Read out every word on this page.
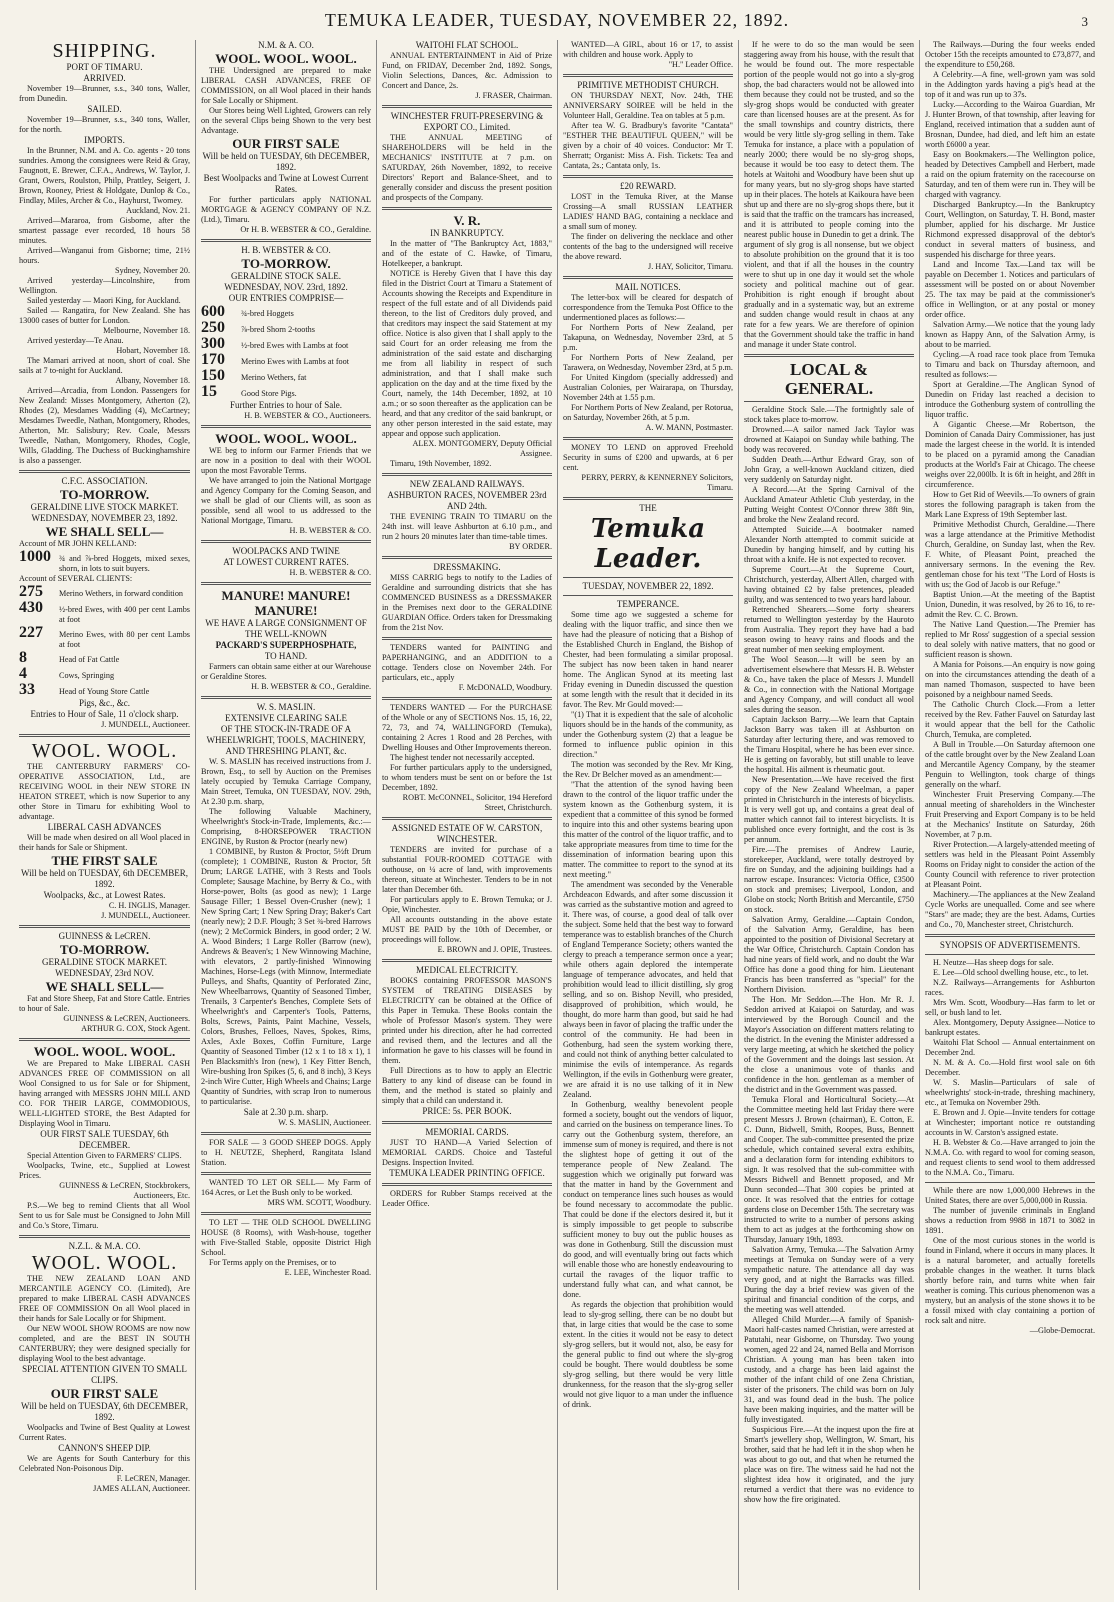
TEMUKA LEADER, TUESDAY, NOVEMBER 22, 1892.	3
SHIPPING.
PORT OF TIMARU.
ARRIVED.
November 19—Brunner, s.s., 340 tons, Waller, from Dunedin.
SAILED.
November 19—Brunner, s.s., 340 tons, Waller, for the north.
IMPORTS.
In the Brunner, N.M. and A. Co. agents - 20 tons sundries. Among the consignees were Reid & Gray, Faugnott, E. Brewer, C.F.A., Andrews, W. Taylor, J. Grant, Owers, Roulston, Philp, Prattley, Seigert, J. Brown, Rooney, Priest & Holdgate, Dunlop & Co., Findlay, Miles, Archer & Co., Hayhurst, Twomey.
Auckland, Nov. 21.
Arrived—Mararoa, from Gisborne, after the smartest passage ever recorded, 18 hours 58 minutes.
Arrived—Wanganui from Gisborne; time, 21½ hours.
Sydney, November 20.
Arrived yesterday—Lincolnshire, from Wellington.
Sailed yesterday — Maori King, for Auckland.
Sailed — Rangatira, for New Zealand. She has 13000 cases of butter for London.
Melbourne, November 18.
Arrived yesterday—Te Anau.
Hobart, November 18.
The Mamari arrived at noon, short of coal. She sails at 7 to-night for Auckland.
Albany, November 18.
Arrived—Arcadia, from London. Passengers for New Zealand: Misses Montgomery, Atherton (2), Rhodes (2), Mesdames Wadding (4), McCartney; Mesdames Tweedle, Nathan, Montgomery, Rhodes, Atherton, Mr. Salisbury; Rev. Coale, Messrs Tweedle, Nathan, Montgomery, Rhodes, Cogle, Wills, Gladding. The Duchess of Buckinghamshire is also a passenger.
C.F.C. ASSOCIATION.
TO-MORROW.
GERALDINE LIVE STOCK MARKET.
WEDNESDAY, NOVEMBER 23, 1892.
WE SHALL SELL—
Account of MR JOHN KELLAND:
1000 ¾ and ⅞-bred Hoggets, mixed sexes, shorn, in lots to suit buyers.
Account of SEVERAL CLIENTS:
275	Merino Wethers, in forward condition
430	½-bred Ewes, with 400 per cent Lambs at foot
227	Merino Ewes, with 80 per cent Lambs at foot
8	Head of Fat Cattle
4	Cows, Springing
33	Head of Young Store Cattle
Pigs, &c., &c.
Entries to Hour of Sale, 11 o'clock sharp.
J. MUNDELL, Auctioneer.
WOOL. WOOL.
THE CANTERBURY FARMERS' CO-OPERATIVE ASSOCIATION, Ltd., are RECEIVING WOOL in their NEW STORE IN HEATON STREET, which is now Superior to any other Store in Timaru for exhibiting Wool to advantage.
LIBERAL CASH ADVANCES
Will be made when desired on all Wool placed in their hands for Sale or Shipment.
THE FIRST SALE
Will be held on TUESDAY, 6th DECEMBER, 1892.
Woolpacks, &c., at Lowest Rates.
C. H. INGLIS, Manager.
J. MUNDELL, Auctioneer.
GUINNESS & LeCREN.
TO-MORROW.
GERALDINE STOCK MARKET.
WEDNESDAY, 23rd NOV.
WE SHALL SELL—
Fat and Store Sheep, Fat and Store Cattle. Entries to hour of Sale.
GUINNESS & LeCREN, Auctioneers.
ARTHUR G. COX, Stock Agent.
WOOL. WOOL. WOOL.
We are Prepared to Make LIBERAL CASH ADVANCES FREE OF COMMISSION on all Wool Consigned to us for Sale or for Shipment, having arranged with MESSRS JOHN MILL AND CO. FOR THEIR LARGE, COMMODIOUS, WELL-LIGHTED STORE, the Best Adapted for Displaying Wool in Timaru.
OUR FIRST SALE TUESDAY, 6th DECEMBER.
Special Attention Given to FARMERS' CLIPS.
Woolpacks, Twine, etc., Supplied at Lowest Prices.
GUINNESS & LeCREN, Stockbrokers, Auctioneers, Etc.
P.S.—We beg to remind Clients that all Wool Sent to us for Sale must be Consigned to John Mill and Co.'s Store, Timaru.
N.Z.L. & M.A. CO.
WOOL. WOOL.
THE NEW ZEALAND LOAN AND MERCANTILE AGENCY CO. (Limited), Are prepared to make LIBERAL CASH ADVANCES FREE OF COMMISSION On all Wool placed in their hands for Sale Locally or for Shipment.
Our NEW WOOL SHOW ROOMS are now now completed, and are the BEST IN SOUTH CANTERBURY; they were designed specially for displaying Wool to the best advantage.
SPECIAL ATTENTION GIVEN TO SMALL CLIPS.
OUR FIRST SALE
Will be held on TUESDAY, 6th DECEMBER, 1892.
Woolpacks and Twine of Best Quality at Lowest Current Rates.
CANNON'S SHEEP DIP.
We are Agents for South Canterbury for this Celebrated Non-Poisonous Dip.
F. LeCREN, Manager.
JAMES ALLAN, Auctioneer.
N.M. & A. CO.
WOOL. WOOL. WOOL.
THE Undersigned are prepared to make LIBERAL CASH ADVANCES, FREE OF COMMISSION, on all Wool placed in their hands for Sale Locally or Shipment.
Our Stores being Well Lighted, Growers can rely on the several Clips being Shown to the very best Advantage.
OUR FIRST SALE
Will be held on TUESDAY, 6th DECEMBER, 1892.
Best Woolpacks and Twine at Lowest Current Rates.
For further particulars apply NATIONAL MORTGAGE & AGENCY COMPANY OF N.Z. (Ltd.), Timaru.
Or H. B. WEBSTER & CO., Geraldine.
H. B. WEBSTER & CO.
TO-MORROW.
GERALDINE STOCK SALE.
WEDNESDAY, NOV. 23rd, 1892.
OUR ENTRIES COMPRISE—
600	¾-bred Hoggets
250	⅞-bred Shorn 2-tooths
300	½-bred Ewes with Lambs at foot
170	Merino Ewes with Lambs at foot
150	Merino Wethers, fat
15	Good Store Pigs.
Further Entries to hour of Sale.
H. B. WEBSTER & CO., Auctioneers.
WOOL. WOOL. WOOL.
WE beg to inform our Farmer Friends that we are now in a position to deal with their WOOL upon the most Favorable Terms.
We have arranged to join the National Mortgage and Agency Company for the Coming Season, and we shall be glad of our Clients will, as soon as possible, send all wool to us addressed to the National Mortgage, Timaru.
H. B. WEBSTER & CO.
WOOLPACKS AND TWINE
AT LOWEST CURRENT RATES.
H. B. WEBSTER & CO.
MANURE! MANURE! MANURE!
WE HAVE A LARGE CONSIGNMENT OF THE WELL-KNOWN
PACKARD'S SUPERPHOSPHATE,
TO HAND.
Farmers can obtain same either at our Warehouse or Geraldine Stores.
H. B. WEBSTER & CO., Geraldine.
W. S. MASLIN.
EXTENSIVE CLEARING SALE
OF THE STOCK-IN-TRADE OF A WHEELWRIGHT, TOOLS, MACHINERY, AND THRESHING PLANT, &c.
W. S. MASLIN has received instructions from J. Brown, Esq., to sell by Auction on the Premises lately occupied by Temuka Carriage Company, Main Street, Temuka, ON TUESDAY, NOV. 29th, At 2.30 p.m. sharp,
The following Valuable Machinery, Wheelwright's Stock-in-Trade, Implements, &c.:—Comprising, 8-HORSEPOWER TRACTION ENGINE, by Ruston & Proctor (nearly new)
1 COMBINE, by Ruston & Proctor, 5½ft Drum (complete); 1 COMBINE, Ruston & Proctor, 5ft Drum; LARGE LATHE, with 3 Rests and Tools Complete; Sausage Machine, by Berry & Co., with Horse-power, Bolts (as good as new); 1 Large Sausage Filler; 1 Bessel Oven-Crusher (new); 1 New Spring Cart; 1 New Spring Dray; Baker's Cart (nearly new); 2 D.F. Plough; 3 Set ¾-bred Harrows (new); 2 McCormick Binders, in good order; 2 W. A. Wood Binders; 1 Large Roller (Barrow (new), Andrews & Beaven's; 1 New Winnowing Machine, with elevators, 2 partly-finished Winnowing Machines, Horse-Legs (with Minnow, Intermediate Pulleys, and Shafts, Quantity of Perforated Zinc, New Wheelbarrows, Quantity of Seasoned Timber, Trenails, 3 Carpenter's Benches, Complete Sets of Wheelwright's and Carpenter's Tools, Patterns, Bolts, Screws, Paints, Paint Machine, Vessels, Colors, Brushes, Felloes, Naves, Spokes, Rims, Axles, Axle Boxes, Coffin Furniture, Large Quantity of Seasoned Timber (12 x 1 to 18 x 1), 1 Pen Blacksmith's Iron (new), 1 Key Fitter Bench, Wire-bushing Iron Spikes (5, 6, and 8 inch), 3 Keys 2-inch Wire Cutter, High Wheels and Chains; Large Quantity of Sundries, with scrap Iron to numerous to particularise.
Sale at 2.30 p.m. sharp.
W. S. MASLIN, Auctioneer.
FOR SALE — 3 GOOD SHEEP DOGS. Apply to H. NEUTZE, Shepherd, Rangitata Island Station.
WANTED TO LET OR SELL— My Farm of 164 Acres, or Let the Bush only to be worked.
MRS WM. SCOTT, Woodbury.
TO LET — THE OLD SCHOOL DWELLING HOUSE (8 Rooms), with Wash-house, together with Five-Stalled Stable, opposite District High School.
For Terms apply on the Premises, or to
E. LEE, Winchester Road.
WAITOHI FLAT SCHOOL.
ANNUAL ENTERTAINMENT in Aid of Prize Fund, on FRIDAY, December 2nd, 1892. Songs, Violin Selections, Dances, &c. Admission to Concert and Dance, 2s.
J. FRASER, Chairman.
WINCHESTER FRUIT-PRESERVING & EXPORT CO., Limited.
THE ANNUAL MEETING of SHAREHOLDERS will be held in the MECHANICS' INSTITUTE at 7 p.m. on SATURDAY, 26th November, 1892, to receive Directors' Report and Balance-Sheet, and to generally consider and discuss the present position and prospects of the Company.
V. R.
IN BANKRUPTCY.
In the matter of "The Bankruptcy Act, 1883," and of the estate of C. Hawke, of Timaru, Hotelkeeper, a bankrupt.
NOTICE is Hereby Given that I have this day filed in the District Court at Timaru a Statement of Accounts showing the Receipts and Expenditure in respect of the full estate and of all Dividends paid thereon, to the list of Creditors duly proved, and that creditors may inspect the said Statement at my office. Notice is also given that I shall apply to the said Court for an order releasing me from the administration of the said estate and discharging me from all liability in respect of such administration, and that I shall make such application on the day and at the time fixed by the Court, namely, the 14th December, 1892, at 10 a.m.; or so soon thereafter as the application can be heard, and that any creditor of the said bankrupt, or any other person interested in the said estate, may appear and oppose such application.
ALEX. MONTGOMERY, Deputy Official Assignee.
Timaru, 19th November, 1892.
NEW ZEALAND RAILWAYS.
ASHBURTON RACES, NOVEMBER 23rd AND 24th.
THE EVENING TRAIN TO TIMARU on the 24th inst. will leave Ashburton at 6.10 p.m., and run 2 hours 20 minutes later than time-table times.
BY ORDER.
DRESSMAKING.
MISS CARRIG begs to notify to the Ladies of Geraldine and surrounding districts that she has COMMENCED BUSINESS as a DRESSMAKER in the Premises next door to the GERALDINE GUARDIAN Office. Orders taken for Dressmaking from the 21st Nov.
TENDERS wanted for PAINTING and PAPERHANGING, and an ADDITION to a cottage. Tenders close on November 24th. For particulars, etc., apply
F. McDONALD, Woodbury.
TENDERS WANTED — For the PURCHASE of the Whole or any of SECTIONS Nos. 15, 16, 22, 72, 73, and 74, WALLINGFORD (Temuka), containing 2 Acres 1 Rood and 28 Perches, with Dwelling Houses and Other Improvements thereon.
The highest tender not necessarily accepted.
For further particulars apply to the undersigned, to whom tenders must be sent on or before the 1st December, 1892.
ROBT. McCONNEL, Solicitor, 194 Hereford Street, Christchurch.
ASSIGNED ESTATE OF W. CARSTON, WINCHESTER.
TENDERS are invited for purchase of a substantial FOUR-ROOMED COTTAGE with outhouse, on ¼ acre of land, with improvements thereon, situate at Winchester. Tenders to be in not later than December 6th.
For particulars apply to E. Brown Temuka; or J. Opie, Winchester.
All accounts outstanding in the above estate MUST BE PAID by the 10th of December, or proceedings will follow.
E. BROWN and J. OPIE, Trustees.
MEDICAL ELECTRICITY.
BOOKS containing PROFESSOR MASON'S SYSTEM of TREATING DISEASES by ELECTRICITY can be obtained at the Office of this Paper in Temuka. These Books contain the whole of Professor Mason's system. They were printed under his direction, after he had corrected and revised them, and the lectures and all the information he gave to his classes will be found in them.
Full Directions as to how to apply an Electric Battery to any kind of disease can be found in them, and the method is stated so plainly and simply that a child can understand it.
PRICE: 5s. PER BOOK.
MEMORIAL CARDS.
JUST TO HAND—A Varied Selection of MEMORIAL CARDS. Choice and Tasteful Designs. Inspection Invited.
TEMUKA LEADER PRINTING OFFICE.
ORDERS for Rubber Stamps received at the Leader Office.
WANTED—A GIRL, about 16 or 17, to assist with children and house work. Apply to
"H." Leader Office.
PRIMITIVE METHODIST CHURCH.
ON THURSDAY NEXT, Nov. 24th, THE ANNIVERSARY SOIREE will be held in the Volunteer Hall, Geraldine. Tea on tables at 5 p.m.
After tea W. G. Bradbury's favorite "Cantata" "ESTHER THE BEAUTIFUL QUEEN," will be given by a choir of 40 voices. Conductor: Mr T. Sherratt; Organist: Miss A. Fish. Tickets: Tea and Cantata, 2s.; Cantata only, 1s.
£20 REWARD.
LOST in the Temuka River, at the Manse Crossing—A small RUSSIAN LEATHER LADIES' HAND BAG, containing a necklace and a small sum of money.
The finder on delivering the necklace and other contents of the bag to the undersigned will receive the above reward.
J. HAY, Solicitor, Timaru.
MAIL NOTICES.
The letter-box will be cleared for despatch of correspondence from the Temuka Post Office to the undermentioned places as follows:—
For Northern Ports of New Zealand, per Takapuna, on Wednesday, November 23rd, at 5 p.m.
For Northern Ports of New Zealand, per Tarawera, on Wednesday, November 23rd, at 5 p.m.
For United Kingdom (specially addressed) and Australian Colonies, per Wairarapa, on Thursday, November 24th at 1.55 p.m.
For Northern Ports of New Zealand, per Rotorua, on Saturday, November 26th, at 5 p.m.
A. W. MANN, Postmaster.
MONEY TO LEND on approved Freehold Security in sums of £200 and upwards, at 6 per cent.
PERRY, PERRY, & KENNERNEY Solicitors, Timaru.
THE
Temuka Leader.
TUESDAY, NOVEMBER 22, 1892.
TEMPERANCE.
Some time ago we suggested a scheme for dealing with the liquor traffic, and since then we have had the pleasure of noticing that a Bishop of the Established Church in England, the Bishop of Chester, had been formulating a similar proposal. The subject has now been taken in hand nearer home. The Anglican Synod at its meeting last Friday evening in Dunedin discussed the question at some length with the result that it decided in its favor. The Rev. Mr Gould moved:—
"(1) That it is expedient that the sale of alcoholic liquors should be in the hands of the community, as under the Gothenburg system (2) that a league be formed to influence public opinion in this direction."
The motion was seconded by the Rev. Mr King, the Rev. Dr Belcher moved as an amendment:—
"That the attention of the synod having been drawn to the control of the liquor traffic under the system known as the Gothenburg system, it is expedient that a committee of this synod be formed to inquire into this and other systems bearing upon this matter of the control of the liquor traffic, and to take appropriate measures from time to time for the dissemination of information bearing upon this matter. The committee to report to the synod at its next meeting."
The amendment was seconded by the Venerable Archdeacon Edwards, and after some discussion it was carried as the substantive motion and agreed to it. There was, of course, a good deal of talk over the subject. Some held that the best way to forward temperance was to establish branches of the Church of England Temperance Society; others wanted the clergy to preach a temperance sermon once a year; while others again deplored the intemperate language of temperance advocates, and held that prohibition would lead to illicit distilling, sly grog selling, and so on. Bishop Nevill, who presided, disapproved of prohibition, which would, he thought, do more harm than good, but said he had always been in favor of placing the traffic under the control of the community. He had been in Gothenburg, had seen the system working there, and could not think of anything better calculated to minimise the evils of intemperance. As regards Wellington, if the evils in Gothenburg were greater, we are afraid it is no use talking of it in New Zealand.
In Gothenburg, wealthy benevolent people formed a society, bought out the vendors of liquor, and carried on the business on temperance lines. To carry out the Gothenburg system, therefore, an immense sum of money is required, and there is not the slightest hope of getting it out of the temperance people of New Zealand. The suggestion which we originally put forward was that the matter in hand by the Government and conduct on temperance lines such houses as would be found necessary to accommodate the public. That could be done if the electors desired it, but it is simply impossible to get people to subscribe sufficient money to buy out the public houses as was done in Gothenburg. Still the discussion must do good, and will eventually bring out facts which will enable those who are honestly endeavouring to curtail the ravages of the liquor traffic to understand fully what can, and what cannot, be done.
As regards the objection that prohibition would lead to sly-grog selling, there can be no doubt but that, in large cities that would be the case to some extent. In the cities it would not be easy to detect sly-grog sellers, but it would not, also, be easy for the general public to find out where the sly-grog could be bought. There would doubtless be some sly-grog selling, but there would be very little drunkenness, for the reason that the sly-grog seller would not give liquor to a man under the influence of drink.
If he were to do so the man would be seen staggering away from his house, with the result that he would be found out. The more respectable portion of the people would not go into a sly-grog shop, the bad characters would not be allowed into them because they could not be trusted, and so the sly-grog shops would be conducted with greater care than licensed houses are at the present. As for the small townships and country districts, there would be very little sly-grog selling in them. Take Temuka for instance, a place with a population of nearly 2000; there would be no sly-grog shops, because it would be too easy to detect them. The hotels at Waitohi and Woodbury have been shut up for many years, but no sly-grog shops have started up in their places. The hotels at Kaikoura have been shut up and there are no sly-grog shops there, but it is said that the traffic on the tramcars has increased, and it is attributed to people coming into the nearest public house in Dunedin to get a drink. The argument of sly grog is all nonsense, but we object to absolute prohibition on the ground that it is too violent, and that if all the houses in the country were to shut up in one day it would set the whole society and political machine out of gear. Prohibition is right enough if brought about gradually and in a systematic way, but an extreme and sudden change would result in chaos at any rate for a few years. We are therefore of opinion that the Government should take the traffic in hand and manage it under State control.
LOCAL & GENERAL.
Geraldine Stock Sale.—The fortnightly sale of stock takes place to-morrow.
Drowned.—A sailor named Jack Taylor was drowned at Kaiapoi on Sunday while bathing. The body was recovered.
Sudden Death.—Arthur Edward Gray, son of John Gray, a well-known Auckland citizen, died very suddenly on Saturday night.
A Record.—At the Spring Carnival of the Auckland Amateur Athletic Club yesterday, in the Putting Weight Contest O'Connor threw 38ft 9in, and broke the New Zealand record.
Attempted Suicide.—A bootmaker named Alexander North attempted to commit suicide at Dunedin by hanging himself, and by cutting his throat with a knife. He is not expected to recover.
Supreme Court.—At the Supreme Court, Christchurch, yesterday, Albert Allen, charged with having obtained £2 by false pretences, pleaded guilty, and was sentenced to two years hard labour.
Retrenched Shearers.—Some forty shearers returned to Wellington yesterday by the Hauroto from Australia. They report they have had a bad season owing to heavy rains and floods and the great number of men seeking employment.
The Wool Season.—It will be seen by an advertisement elsewhere that Messrs H. B. Webster & Co., have taken the place of Messrs J. Mundell & Co., in connection with the National Mortgage and Agency Company, and will conduct all wool sales during the season.
Captain Jackson Barry.—We learn that Captain Jackson Barry was taken ill at Ashburton on Saturday after lecturing there, and was removed to the Timaru Hospital, where he has been ever since. He is getting on favorably, but still unable to leave the hospital. His ailment is rheumatic gout.
New Presentation.—We have received the first copy of the New Zealand Wheelman, a paper printed in Christchurch in the interests of bicyclists. It is very well got up, and contains a great deal of matter which cannot fail to interest bicyclists. It is published once every fortnight, and the cost is 3s per annum.
Fire.—The premises of Andrew Laurie, storekeeper, Auckland, were totally destroyed by fire on Sunday, and the adjoining buildings had a narrow escape. Insurances: Victoria Office, £3500 on stock and premises; Liverpool, London, and Globe on stock; North British and Mercantile, £750 on stock.
Salvation Army, Geraldine.—Captain Condon, of the Salvation Army, Geraldine, has been appointed to the position of Divisional Secretary at the War Office, Christchurch. Captain Condon has had nine years of field work, and no doubt the War Office has done a good thing for him. Lieutenant Francis has been transferred as "special" for the Northern Division.
The Hon. Mr Seddon.—The Hon. Mr R. J. Seddon arrived at Kaiapoi on Saturday, and was interviewed by the Borough Council and the Mayor's Association on different matters relating to the district. In the evening the Minister addressed a very large meeting, at which he sketched the policy of the Government and the doings last session. At the close a unanimous vote of thanks and confidence in the hon. gentleman as a member of the district and in the Government was passed.
Temuka Floral and Horticultural Society.—At the Committee meeting held last Friday there were present Messrs J. Brown (chairman), E. Cotton, E. C. Dunn, Bidwell, Smith, Roopes, Buss, Bennett and Cooper. The sub-committee presented the prize schedule, which contained several extra exhibits, and a declaration form for intending exhibitors to sign. It was resolved that the sub-committee with Messrs Bidwell and Bennett proposed, and Mr Dunn seconded—That 300 copies be printed at once. It was resolved that the entries for cottage gardens close on December 15th. The secretary was instructed to write to a number of persons asking them to act as judges at the forthcoming show on Thursday, January 19th, 1893.
Salvation Army, Temuka.—The Salvation Army meetings at Temuka on Sunday were of a very sympathetic nature. The attendance all day was very good, and at night the Barracks was filled. During the day a brief review was given of the spiritual and financial condition of the corps, and the meeting was well attended.
Alleged Child Murder.—A family of Spanish-Maori half-castes named Christian, were arrested at Patutahi, near Gisborne, on Thursday. Two young women, aged 22 and 24, named Bella and Morrison Christian. A young man has been taken into custody, and a charge has been laid against the mother of the infant child of one Zena Christian, sister of the prisoners. The child was born on July 31, and was found dead in the bush. The police have been making inquiries, and the matter will be fully investigated.
Suspicious Fire.—At the inquest upon the fire at Smart's jewellery shop, Wellington, W. Smart, his brother, said that he had left it in the shop when he was about to go out, and that when he returned the place was on fire. The witness said he had not the slightest idea how it originated, and the jury returned a verdict that there was no evidence to show how the fire originated.
The Railways.—During the four weeks ended October 15th the receipts amounted to £73,877, and the expenditure to £50,268.
A Celebrity.—A fine, well-grown yam was sold in the Addington yards having a pig's head at the top of it and was run up to 37s.
Lucky.—According to the Wairoa Guardian, Mr J. Hunter Brown, of that township, after leaving for England, received intimation that a sudden aunt of Brosnan, Dundee, had died, and left him an estate worth £6000 a year.
Easy on Bookmakers.—The Wellington police, headed by Detectives Campbell and Herbert, made a raid on the opium fraternity on the racecourse on Saturday, and ten of them were run in. They will be charged with vagrancy.
Discharged Bankruptcy.—In the Bankruptcy Court, Wellington, on Saturday, T. H. Bond, master plumber, applied for his discharge. Mr Justice Richmond expressed disapproval of the debtor's conduct in several matters of business, and suspended his discharge for three years.
Land and Income Tax.—Land tax will be payable on December 1. Notices and particulars of assessment will be posted on or about November 25. The tax may be paid at the commissioner's office in Wellington, or at any postal or money order office.
Salvation Army.—We notice that the young lady known as Happy Ann, of the Salvation Army, is about to be married.
Cycling.—A road race took place from Temuka to Timaru and back on Thursday afternoon, and resulted as follows:—
Sport at Geraldine.—The Anglican Synod of Dunedin on Friday last reached a decision to introduce the Gothenburg system of controlling the liquor traffic.
A Gigantic Cheese.—Mr Robertson, the Dominion of Canada Dairy Commissioner, has just made the largest cheese in the world. It is intended to be placed on a pyramid among the Canadian products at the World's Fair at Chicago. The cheese weighs over 22,000lb. It is 6ft in height, and 28ft in circumference.
How to Get Rid of Weevils.—To owners of grain stores the following paragraph is taken from the Mark Lane Express of 19th September last.
Primitive Methodist Church, Geraldine.—There was a large attendance at the Primitive Methodist Church, Geraldine, on Sunday last, when the Rev. F. White, of Pleasant Point, preached the anniversary sermons. In the evening the Rev. gentleman chose for his text "The Lord of Hosts is with us; the God of Jacob is our Refuge."
Baptist Union.—At the meeting of the Baptist Union, Dunedin, it was resolved, by 26 to 16, to re-admit the Rev. C. C. Brown.
The Native Land Question.—The Premier has replied to Mr Ross' suggestion of a special session to deal solely with native matters, that no good or sufficient reason is shown.
A Mania for Poisons.—An enquiry is now going on into the circumstances attending the death of a man named Thomason, suspected to have been poisoned by a neighbour named Seeds.
The Catholic Church Clock.—From a letter received by the Rev. Father Fauvel on Saturday last it would appear that the bell for the Catholic Church, Temuka, are completed.
A Bull in Trouble.—On Saturday afternoon one of the cattle brought over by the New Zealand Loan and Mercantile Agency Company, by the steamer Penguin to Wellington, took charge of things generally on the wharf.
Winchester Fruit Preserving Company.—The annual meeting of shareholders in the Winchester Fruit Preserving and Export Company is to be held at the Mechanics' Institute on Saturday, 26th November, at 7 p.m.
River Protection.—A largely-attended meeting of settlers was held in the Pleasant Point Assembly Rooms on Friday night to consider the action of the County Council with reference to river protection at Pleasant Point.
Machinery.—The appliances at the New Zealand Cycle Works are unequalled. Come and see where "Stars" are made; they are the best. Adams, Curties and Co., 70, Manchester street, Christchurch.
SYNOPSIS OF ADVERTISEMENTS.
H. Neutze—Has sheep dogs for sale.
E. Lee—Old school dwelling house, etc., to let.
N.Z. Railways—Arrangements for Ashburton races.
Mrs Wm. Scott, Woodbury—Has farm to let or sell, or bush land to let.
Alex. Montgomery, Deputy Assignee—Notice to bankrupt estates.
Waitohi Flat School — Annual entertainment on December 2nd.
N. M. & A. Co.—Hold first wool sale on 6th December.
W. S. Maslin—Particulars of sale of wheelwrights' stock-in-trade, threshing machinery, etc., at Temuka on November 29th.
E. Brown and J. Opie—Invite tenders for cottage at Winchester; important notice re outstanding accounts in W. Carston's assigned estate.
H. B. Webster & Co.—Have arranged to join the N.M.A. Co. with regard to wool for coming season, and request clients to send wool to them addressed to the N.M.A. Co., Timaru.
While there are now 1,000,000 Hebrews in the United States, there are over 5,000,000 in Russia.
The number of juvenile criminals in England shows a reduction from 9988 in 1871 to 3082 in 1891.
One of the most curious stones in the world is found in Finland, where it occurs in many places. It is a natural barometer, and actually foretells probable changes in the weather. It turns black shortly before rain, and turns white when fair weather is coming. This curious phenomenon was a mystery, but an analysis of the stone shows it to be a fossil mixed with clay containing a portion of rock salt and nitre.
—Globe-Democrat.
